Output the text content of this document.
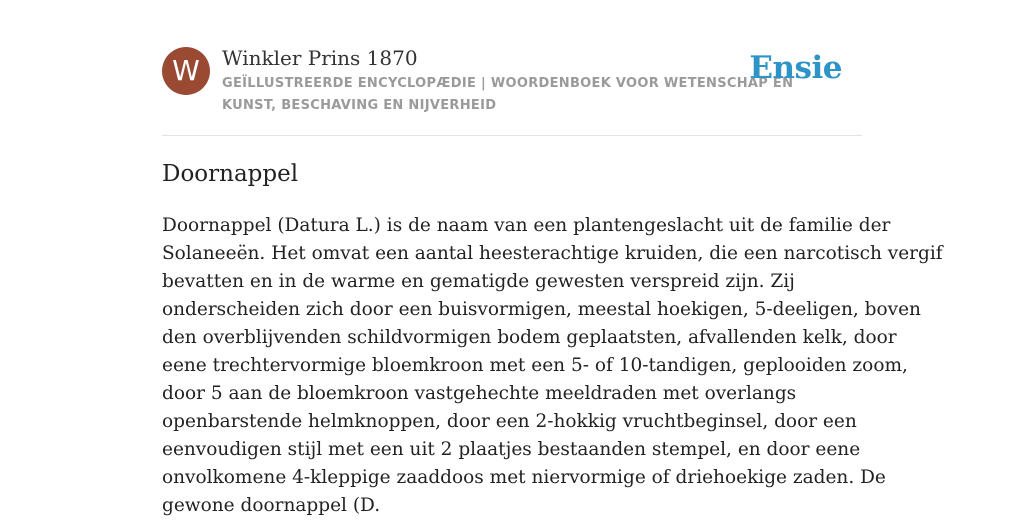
W	Winkler Prins 1870
GEÏLLUSTREERDE ENCYCLOPÆDIE | WOORDENBOEK VOOR WETENSCHAP EN
KUNST, BESCHAVING EN NIJVERHEID
Ensie
Doornappel
Doornappel (Datura L.) is de naam van een plantengeslacht uit de familie der
Solaneeën. Het omvat een aantal heesterachtige kruiden, die een narcotisch vergif
bevatten en in de warme en gematigde gewesten verspreid zijn. Zij
onderscheiden zich door een buisvormigen, meestal hoekigen, 5-deeligen, boven
den overblijvenden schildvormigen bodem geplaatsten, afvallenden kelk, door
eene trechtervormige bloemkroon met een 5- of 10-tandigen, geplooiden zoom,
door 5 aan de bloemkroon vastgehechte meeldraden met overlangs
openbarstende helmknoppen, door een 2-hokkig vruchtbeginsel, door een
eenvoudigen stijl met een uit 2 plaatjes bestaanden stempel, en door eene
onvolkomene 4-kleppige zaaddoos met niervormige of driehoekige zaden. De
gewone doornappel (D.
